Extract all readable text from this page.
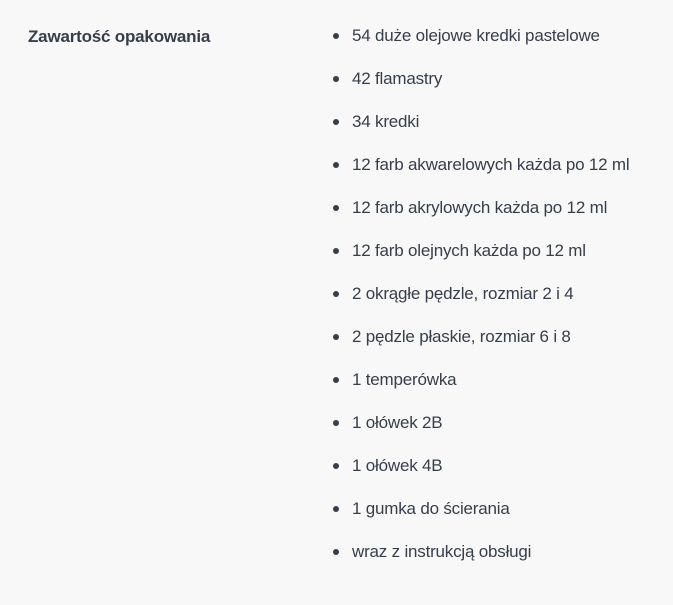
Zawartość opakowania	54 duże olejowe kredki pastelowe
42 flamastry
34 kredki
12 farb akwarelowych każda po 12 ml
12 farb akrylowych każda po 12 ml
12 farb olejnych każda po 12 ml
2 okrągłe pędzle, rozmiar 2 i 4
2 pędzle płaskie, rozmiar 6 i 8
1 temperówka
1 ołówek 2B
1 ołówek 4B
1 gumka do ścierania
wraz z instrukcją obsługi
